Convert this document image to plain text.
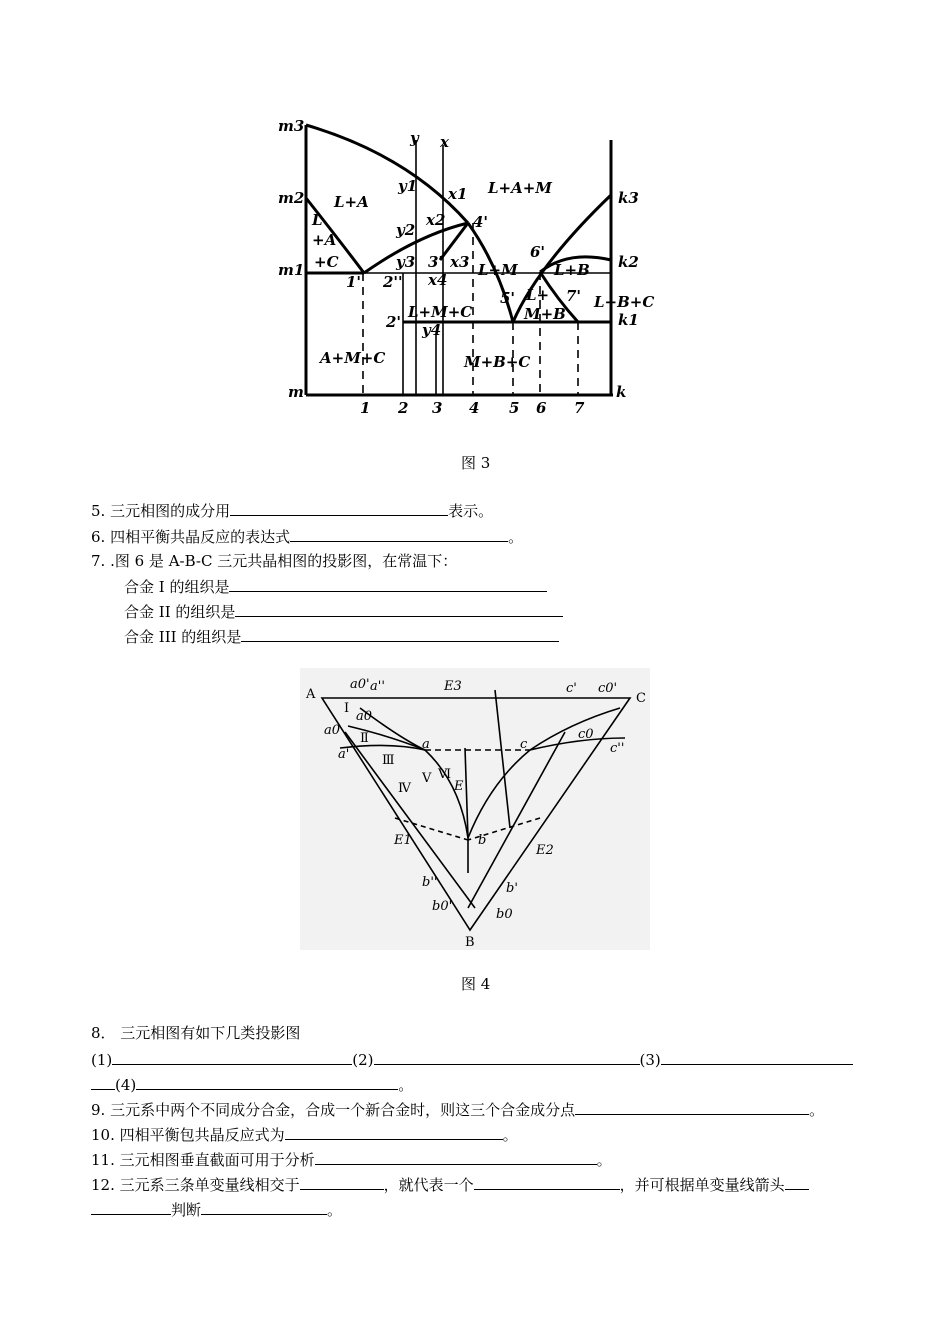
m3
m2
m1
m
k3
k2
k1
k
y x
y1 x1
x2
y2
y3 3' x3
x4
1' 2''
4'
5'
6'
7'
2' y4
L+A
L
+A
+C
L+A+M
L+M L+B
L+
M+B
L+B+C
L+M+C
A+M+C	M+B+C
1 2 3 4 5 6 7
图 3
5. 三元相图的成分用	表示。
6. 四相平衡共晶反应的表达式	。
7. .图 6 是 A-B-C 三元共晶相图的投影图，在常温下：
合金 I 的组织是
合金 II 的组织是
合金 III 的组织是
A	C
B
a0' a''	E3	c' c0'
a0
a0
a'
a	c
c0
c''
E
E1	b
E2
b''	b'
b0'
b0
Ⅰ
Ⅱ
Ⅲ
Ⅳ
Ⅴ Ⅵ
图 4
8． 三元相图有如下几类投影图
(1)	(2)	(3)
(4)	。
9. 三元系中两个不同成分合金，合成一个新合金时，则这三个合金成分点	。
10. 四相平衡包共晶反应式为	。
11. 三元相图垂直截面可用于分析	。
12. 三元系三条单变量线相交于	，就代表一个	，并可根据单变量线箭头
判断	。
